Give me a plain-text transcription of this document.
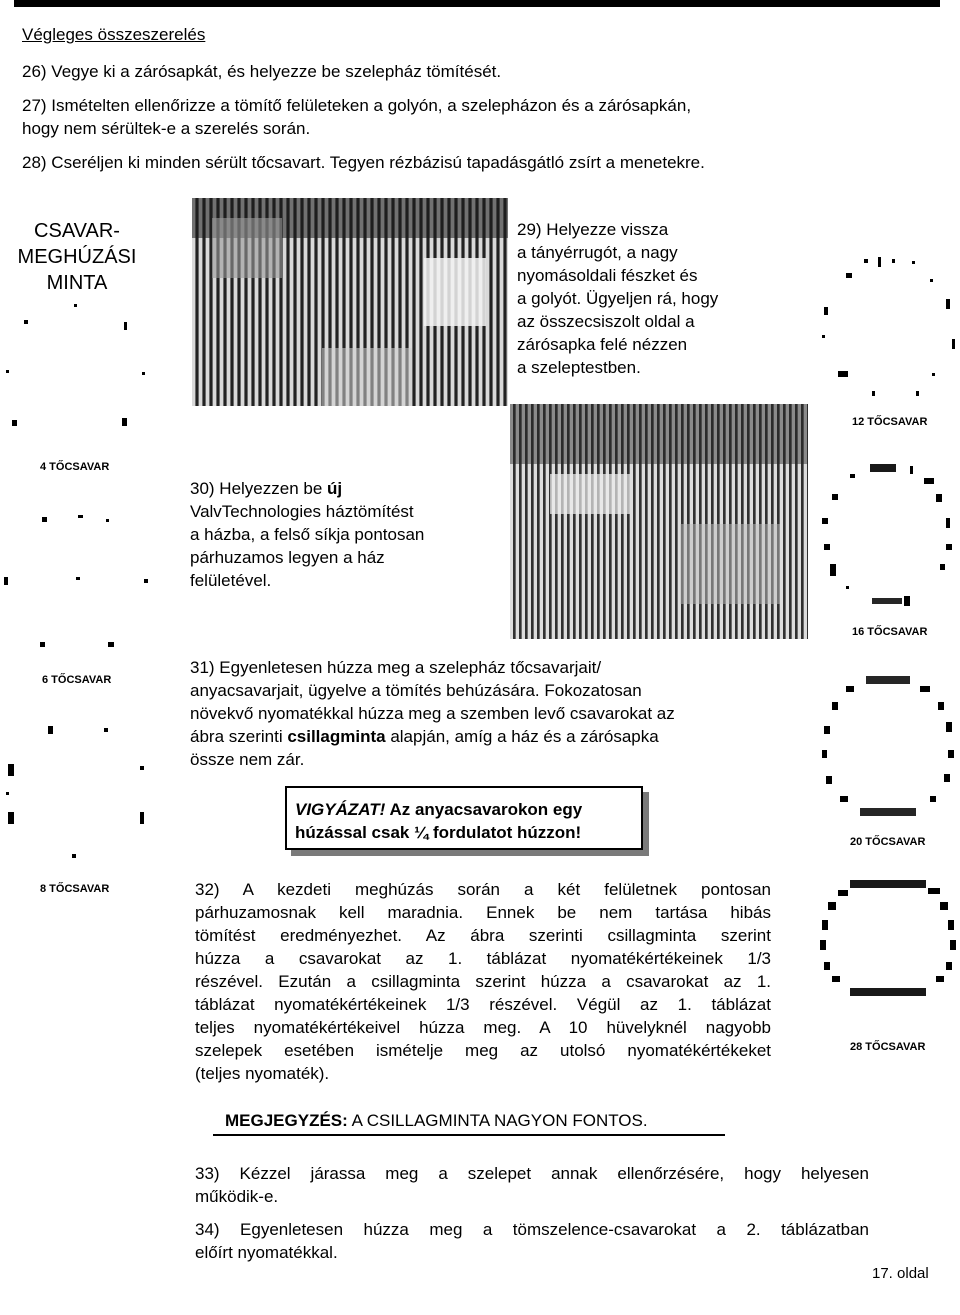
Végleges összeszerelés
26) Vegye ki a zárósapkát, és helyezze be szelepház tömítését.
27) Ismételten ellenőrizze a tömítő felületeken a golyón, a szelepházon és a zárósapkán,
hogy nem sérültek-e a szerelés során.
28) Cseréljen ki minden sérült tőcsavart. Tegyen rézbázisú tapadásgátló zsírt a menetekre.
CSAVAR-
MEGHÚZÁSI
MINTA
29) Helyezze vissza
a tányérrugót, a nagy
nyomásoldali fészket és
a golyót. Ügyeljen rá, hogy
az összecsiszolt oldal a
zárósapka felé nézzen
a szeleptestben.
4 TŐCSAVAR
6 TŐCSAVAR
8 TŐCSAVAR
12 TŐCSAVAR
16 TŐCSAVAR
20 TŐCSAVAR
28 TŐCSAVAR
30) Helyezzen be új
ValvTechnologies háztömítést
a házba, a felső síkja pontosan
párhuzamos legyen a ház
felületével.
31) Egyenletesen húzza meg a szelepház tőcsavarjait/
anyacsavarjait, ügyelve a tömítés behúzására. Fokozatosan
növekvő nyomatékkal húzza meg a szemben levő csavarokat az
ábra szerinti csillagminta alapján, amíg a ház és a zárósapka
össze nem zár.
VIGYÁZAT! Az anyacsavarokon egy
húzással csak ¼ fordulatot húzzon!
32) A kezdeti meghúzás során a két felületnek pontosan
párhuzamosnak kell maradnia. Ennek be nem tartása hibás
tömítést eredményezhet. Az ábra szerinti csillagminta szerint
húzza a csavarokat az 1. táblázat nyomatékértékeinek 1/3
részével. Ezután a csillagminta szerint húzza a csavarokat az 1.
táblázat nyomatékértékeinek 1/3 részével. Végül az 1. táblázat
teljes nyomatékértékeivel húzza meg. A 10 hüvelyknél nagyobb
szelepek esetében ismételje meg az utolsó nyomatékértékeket
(teljes nyomaték).
MEGJEGYZÉS: A CSILLAGMINTA NAGYON FONTOS.
33) Kézzel járassa meg a szelepet annak ellenőrzésére, hogy helyesen
működik-e.
34) Egyenletesen húzza meg a tömszelence-csavarokat a 2. táblázatban
előírt nyomatékkal.
17. oldal
